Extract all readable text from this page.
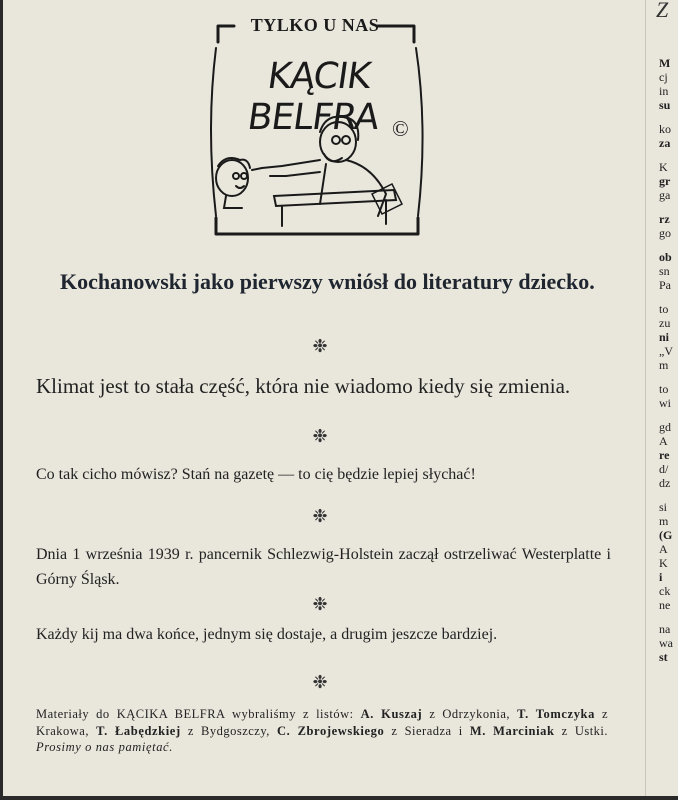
TYLKO U NAS
KĄCIK BELFRA ©
Kochanowski jako pierwszy wniósł do literatury dziecko.
❉
Klimat jest to stała część, która nie wiadomo kiedy się zmienia.
❉
Co tak cicho mówisz? Stań na gazetę — to cię będzie lepiej słychać!
❉
Dnia 1 września 1939 r. pancernik Schlezwig-Holstein zaczął ostrzeliwać Westerplatte i Górny Śląsk.
❉
Każdy kij ma dwa końce, jednym się dostaje, a drugim jeszcze bardziej.
❉
Materiały do KĄCIKA BELFRA wybraliśmy z listów: A. Kuszaj z Odrzykonia, T. Tomczyka z Krakowa, T. Łabędzkiej z Bydgoszczy, C. Zbrojewskiego z Sieradza i M. Marciniak z Ustki. Prosimy o nas pamiętać.
Z
M
cj
in
su
ko
za
K
gr
ga
rz
go
ob
sn
Pa
to
zu
ni
„V
m
to
wi
gd
A
re
d/
dz
si
m
(G
A
K
i
ck
ne
na
wa
st
